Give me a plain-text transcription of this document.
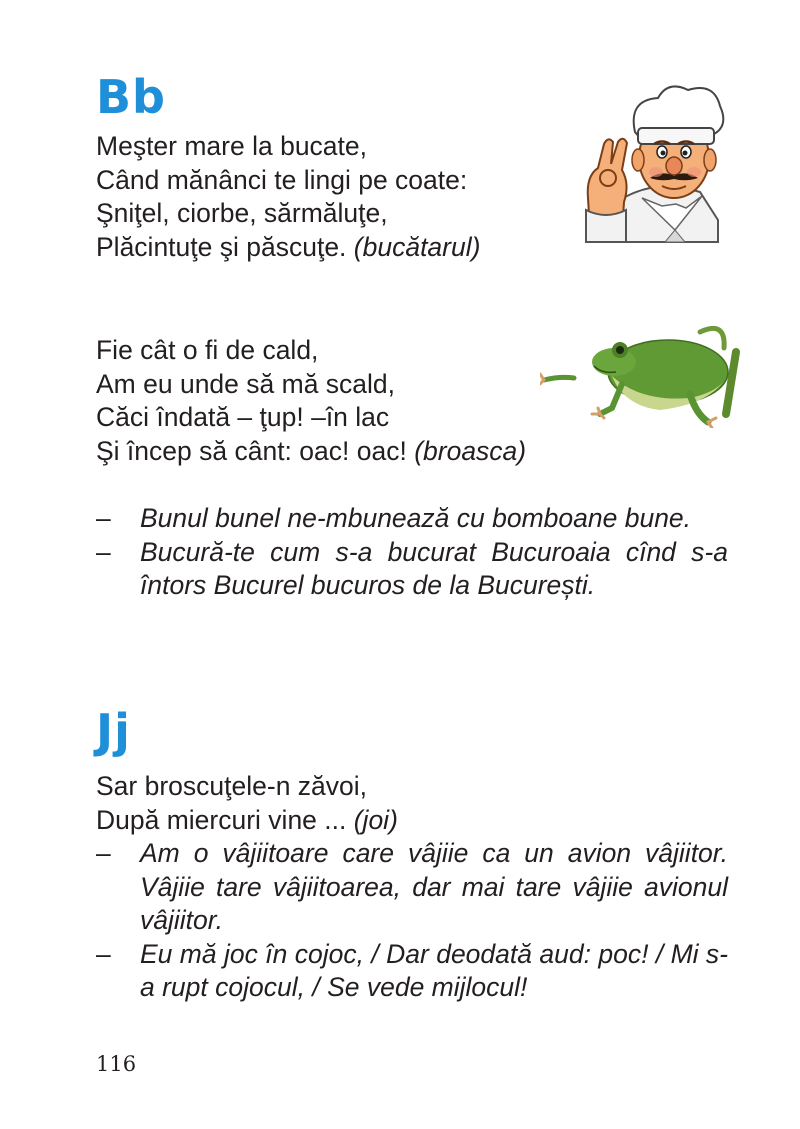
Bb
Meşter mare la bucate,
Când mănânci te lingi pe coate:
Şniţel, ciorbe, sărmăluţe,
Plăcintuţe şi păscuţe. (bucătarul)
Fie cât o fi de cald,
Am eu unde să mă scald,
Căci îndată – ţup! –în lac
Şi încep să cânt: oac! oac! (broasca)
– Bunul bunel ne-mbunează cu bomboane bune.
– Bucură-te cum s-a bucurat Bucuroaia cînd s-a întors Bucurel bucuros de la București.
Jj
Sar broscuţele-n zăvoi,
După miercuri vine ... (joi)
– Am o vâjiitoare care vâjiie ca un avion vâjiitor. Vâjiie tare vâjiitoarea, dar mai tare vâjiie avionul vâjiitor.
– Eu mă joc în cojoc, / Dar deodată aud: poc! / Mi s-a rupt cojocul, / Se vede mijlocul!
116
